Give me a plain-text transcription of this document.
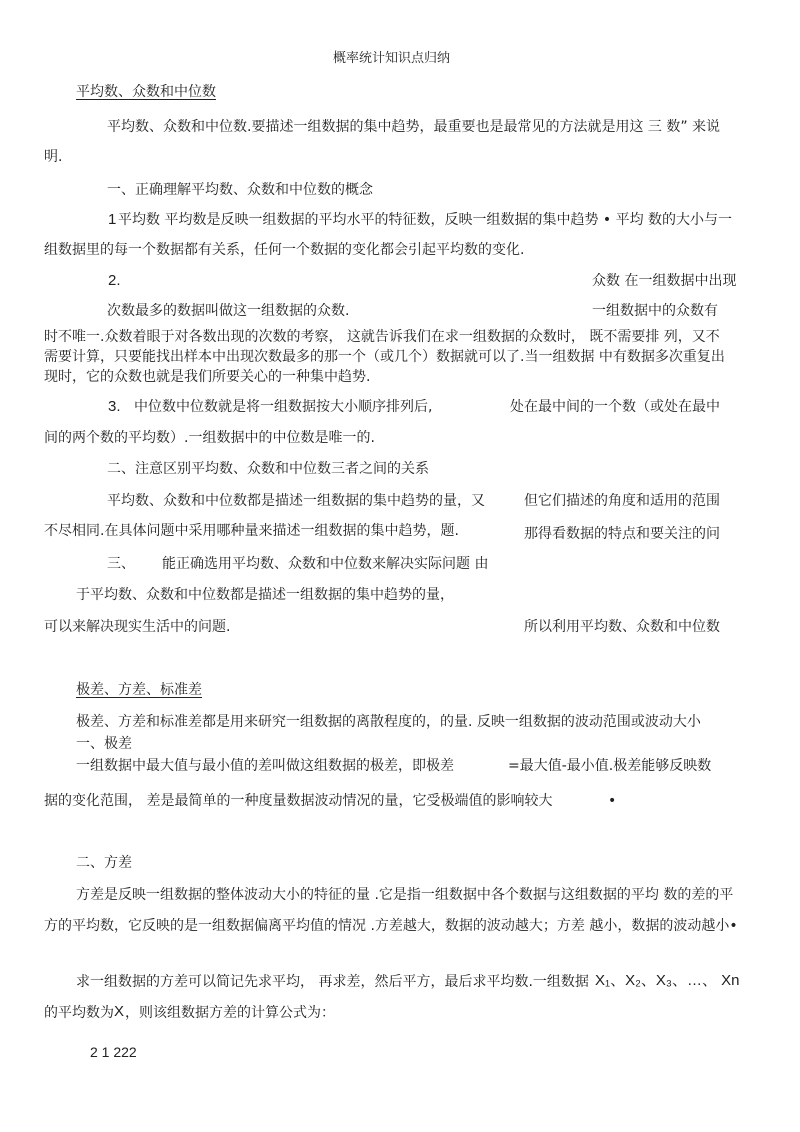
概率统计知识点归纳
平均数、众数和中位数
平均数、众数和中位数.要描述一组数据的集中趋势，最重要也是最常见的方法就是用这 三 数” 来说
明.
一、正确理解平均数、众数和中位数的概念
1 平均数 平均数是反映一组数据的平均水平的特征数，反映一组数据的集中趋势 • 平均 数的大小与一
组数据里的每一个数据都有关系，任何一个数据的变化都会引起平均数的变化.
2.	众数 在一组数据中出现
次数最多的数据叫做这一组数据的众数.	一组数据中的众数有
时不唯一.众数着眼于对各数出现的次数的考察， 这就告诉我们在求一组数据的众数时， 既不需要排 列，又不
需要计算，只要能找出样本中出现次数最多的那一个（或几个）数据就可以了.当一组数据 中有数据多次重复出
现时，它的众数也就是我们所要关心的一种集中趋势.
3. 中位数中位数就是将一组数据按大小顺序排列后,	处在最中间的一个数（或处在最中
间的两个数的平均数）.一组数据中的中位数是唯一的.
二、注意区别平均数、众数和中位数三者之间的关系
平均数、众数和中位数都是描述一组数据的集中趋势的量，又	但它们描述的角度和适用的范围
不尽相同.在具体问题中采用哪种量来描述一组数据的集中趋势，题.	那得看数据的特点和要关注的问
三、 能正确选用平均数、众数和中位数来解决实际问题 由
于平均数、众数和中位数都是描述一组数据的集中趋势的量，
可以来解决现实生活中的问题.	所以利用平均数、众数和中位数
极差、方差、标准差
极差、方差和标准差都是用来研究一组数据的离散程度的，的量. 反映一组数据的波动范围或波动大小
一、极差
一组数据中最大值与最小值的差叫做这组数据的极差，即极差	=最大值-最小值.极差能够反映数
据的变化范围， 差是最简单的一种度量数据波动情况的量，它受极端值的影响较大	•
二、方差
方差是反映一组数据的整体波动大小的特征的量 .它是指一组数据中各个数据与这组数据的平均 数的差的平
方的平均数，它反映的是一组数据偏离平均值的情况 .方差越大，数据的波动越大；方差 越小，数据的波动越小•
求一组数据的方差可以简记先求平均， 再求差，然后平方，最后求平均数.一组数据 X₁、X₂、X₃、…、 Xn
的平均数为 X ，则该组数据方差的计算公式为：
2 1 222
